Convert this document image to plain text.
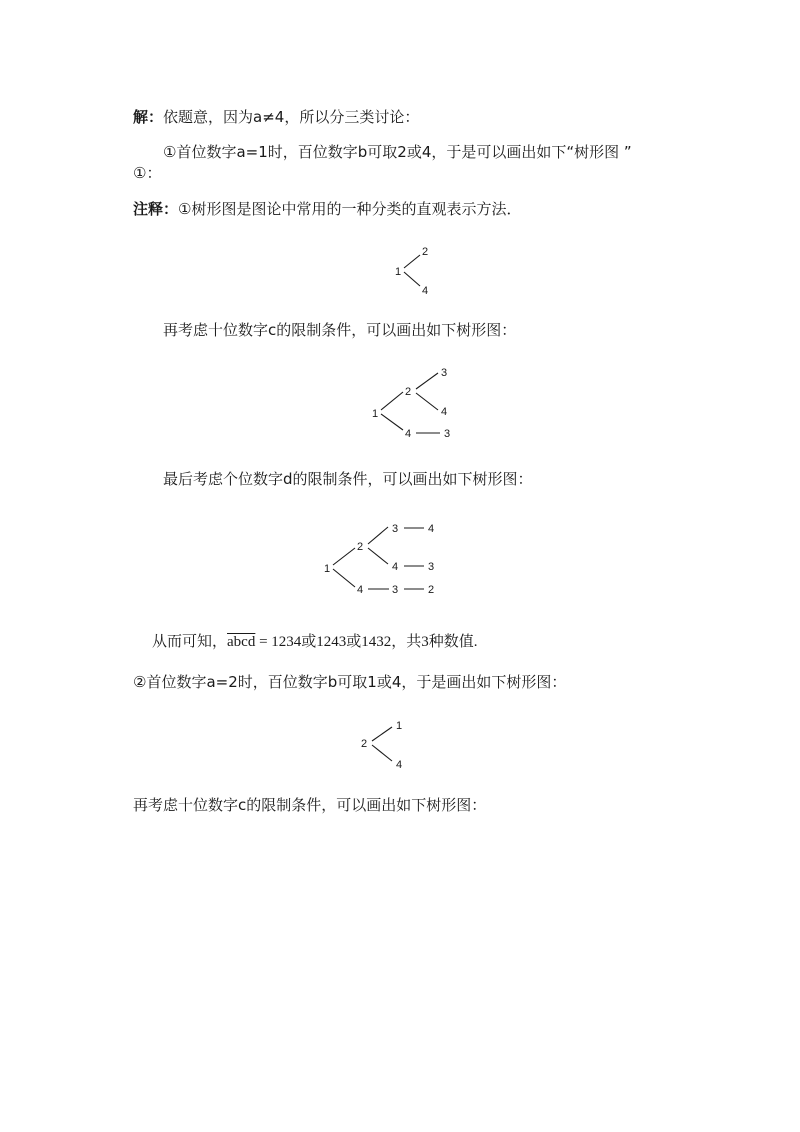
解：依题意，因为a≠4，所以分三类讨论：
①首位数字a=1时，百位数字b可取2或4，于是可以画出如下“树形图 ”
①：
注释：①树形图是图论中常用的一种分类的直观表示方法．
1
2
4
再考虑十位数字c的限制条件，可以画出如下树形图：
1
2
3
4
4	3
最后考虑个位数字d的限制条件，可以画出如下树形图：
1
2
3	4
4	3
4	3	2
从而可知，abcd = 1234或1243或1432，共3种数值.
②首位数字a=2时，百位数字b可取1或4，于是画出如下树形图：
2
1
4
再考虑十位数字c的限制条件，可以画出如下树形图：
